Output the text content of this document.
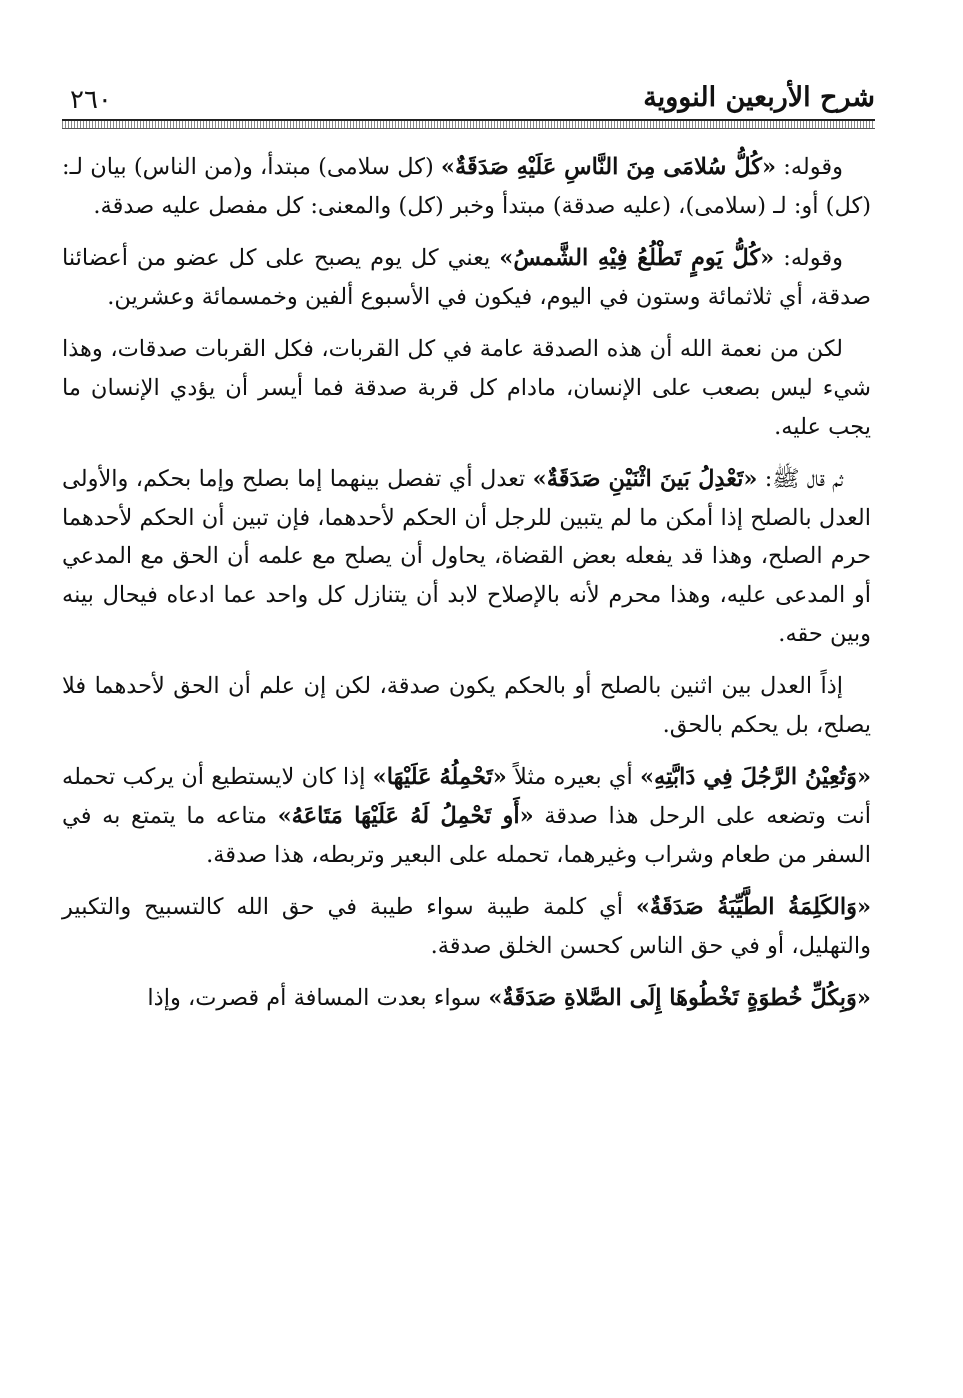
شرح الأربعين النووية
٢٦٠

وقوله: «كُلُّ سُلامَى مِنَ النَّاسِ عَلَيْهِ صَدَقَةٌ» (كل سلامى) مبتدأ، و(من الناس) بيان لـ: (كل) أو: لـ (سلامى)، (عليه صدقة) مبتدأ وخبر (كل) والمعنى: كل مفصل عليه صدقة.

وقوله: «كُلُّ يَومٍ تَطْلُعُ فِيْهِ الشَّمسُ» يعني كل يوم يصبح على كل عضو من أعضائنا صدقة، أي ثلاثمائة وستون في اليوم، فيكون في الأسبوع ألفين وخمسمائة وعشرين.

لكن من نعمة الله أن هذه الصدقة عامة في كل القربات، فكل القربات صدقات، وهذا شيء ليس بصعب على الإنسان، مادام كل قربة صدقة فما أيسر أن يؤدي الإنسان ما يجب عليه.

ثم قال ﷺ: «تَعْدِلُ بَينَ اثْنَيْنِ صَدَقَةٌ» تعدل أي تفصل بينهما إما بصلح وإما بحكم، والأولى العدل بالصلح إذا أمكن ما لم يتبين للرجل أن الحكم لأحدهما، فإن تبين أن الحكم لأحدهما حرم الصلح، وهذا قد يفعله بعض القضاة، يحاول أن يصلح مع علمه أن الحق مع المدعي أو المدعى عليه، وهذا محرم لأنه بالإصلاح لابد أن يتنازل كل واحد عما ادعاه فيحال بينه وبين حقه.

إذاً العدل بين اثنين بالصلح أو بالحكم يكون صدقة، لكن إن علم أن الحق لأحدهما فلا يصلح، بل يحكم بالحق.

«وَتُعِيْنُ الرَّجُلَ فِي دَابَّتِهِ» أي بعيره مثلاً «تَحْمِلُهُ عَلَيْهَا» إذا كان لايستطيع أن يركب تحمله أنت وتضعه على الرحل هذا صدقة «أَو تَحْمِلُ لَهُ عَلَيْهَا مَتَاعَهُ» متاعه ما يتمتع به في السفر من طعام وشراب وغيرهما، تحمله على البعير وتربطه، هذا صدقة.

«وَالكَلِمَةُ الطَّيِّبَةُ صَدَقَةٌ» أي كلمة طيبة سواء طيبة في حق الله كالتسبيح والتكبير والتهليل، أو في حق الناس كحسن الخلق صدقة.

«وَبِكُلِّ خُطوَةٍ تَخْطُوهَا إِلَى الصَّلاةِ صَدَقَةٌ» سواء بعدت المسافة أم قصرت، وإذا
